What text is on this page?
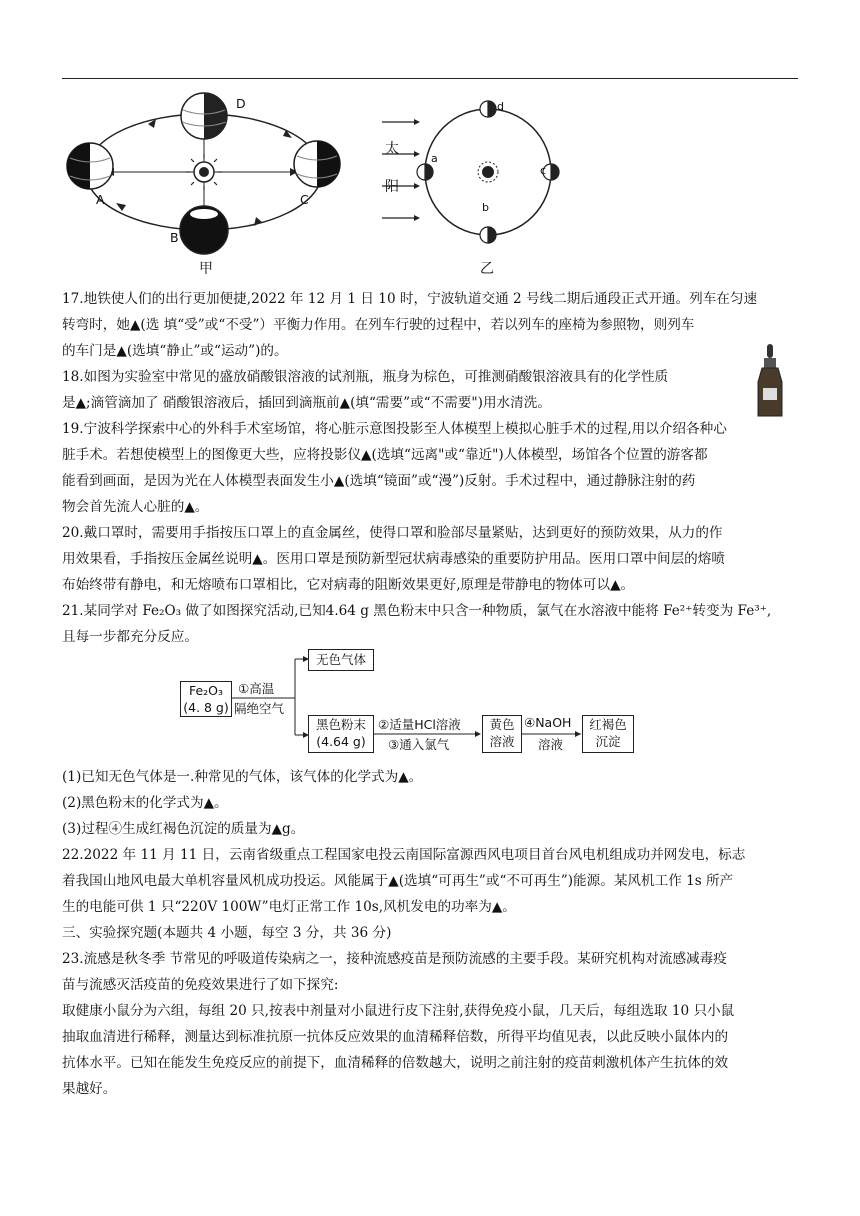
D
A
B
C
甲
太
阳
d
a
c
b
乙

17.地铁使人们的出行更加便捷,2022 年 12 月 1 日 10 时，宁波轨道交通 2 号线二期后通段正式开通。列车在匀速

转弯时，她▲(选 填“受”或“不受”）平衡力作用。在列车行驶的过程中，若以列车的座椅为参照物，则列车

的车门是▲(选填“静止”或“运动”)的。

18.如图为实验室中常见的盛放硝酸银溶液的试剂瓶，瓶身为棕色，可推测硝酸银溶液具有的化学性质

是▲;滴管滴加了 硝酸银溶液后，插回到滴瓶前▲(填“需要”或“不需要")用水清洗。

19.宁波科学探索中心的外科手术室场馆，将心脏示意图投影至人体模型上模拟心脏手术的过程,用以介绍各种心

脏手术。若想使模型上的图像更大些，应将投影仪▲(选填“远离"或“靠近")人体模型，场馆各个位置的游客都

能看到画面，是因为光在人体模型表面发生小▲(选填“镜面”或“漫”)反射。手术过程中，通过静脉注射的药

物会首先流人心脏的▲。

20.戴口罩时，需要用手指按压口罩上的直金属丝，使得口罩和脸部尽量紧贴，达到更好的预防效果，从力的作

用效果看，手指按压金属丝说明▲。医用口罩是预防新型冠状病毒感染的重要防护用品。医用口罩中间层的熔喷

布始终带有静电，和无熔喷布口罩相比，它对病毒的阻断效果更好,原理是带静电的物体可以▲。

21.某同学对 Fe₂O₃ 做了如图探究活动,已知4.64 g 黑色粉末中只含一种物质，氯气在水溶液中能将 Fe²⁺转变为 Fe³⁺,

且每一步都充分反应。

Fe₂O₃
(4. 8 g)
①高温
隔绝空气
无色气体
黑色粉末
(4.64 g)
②适量HCl溶液
③通入氯气
黄色
溶液
④NaOH
溶液
红褐色
沉淀

(1)已知无色气体是一.种常见的气体，该气体的化学式为▲。

(2)黑色粉末的化学式为▲。

(3)过程④生成红褐色沉淀的质量为▲g。

22.2022 年 11 月 11 日，云南省级重点工程国家电投云南国际富源西风电项目首台风电机组成功并网发电，标志

着我国山地风电最大单机容量风机成功投运。风能属于▲(选填“可再生”或“不可再生”)能源。某风机工作 1s 所产

生的电能可供 1 只“220V 100W”电灯正常工作 10s,风机发电的功率为▲。

三、实验探究题(本题共 4 小题，每空 3 分，共 36 分)

23.流感是秋冬季 节常见的呼吸道传染病之一，接种流感疫苗是预防流感的主要手段。某研究机构对流感减毒疫

苗与流感灭活疫苗的免疫效果进行了如下探究:

取健康小鼠分为六组，每组 20 只,按表中剂量对小鼠进行皮下注射,获得免疫小鼠，几天后，每组选取 10 只小鼠

抽取血清进行稀释，测量达到标准抗原一抗体反应效果的血清稀释倍数，所得平均值见表，以此反映小鼠体内的

抗体水平。已知在能发生免疫反应的前提下，血清稀释的倍数越大，说明之前注射的疫苗刺激机体产生抗体的效

果越好。
